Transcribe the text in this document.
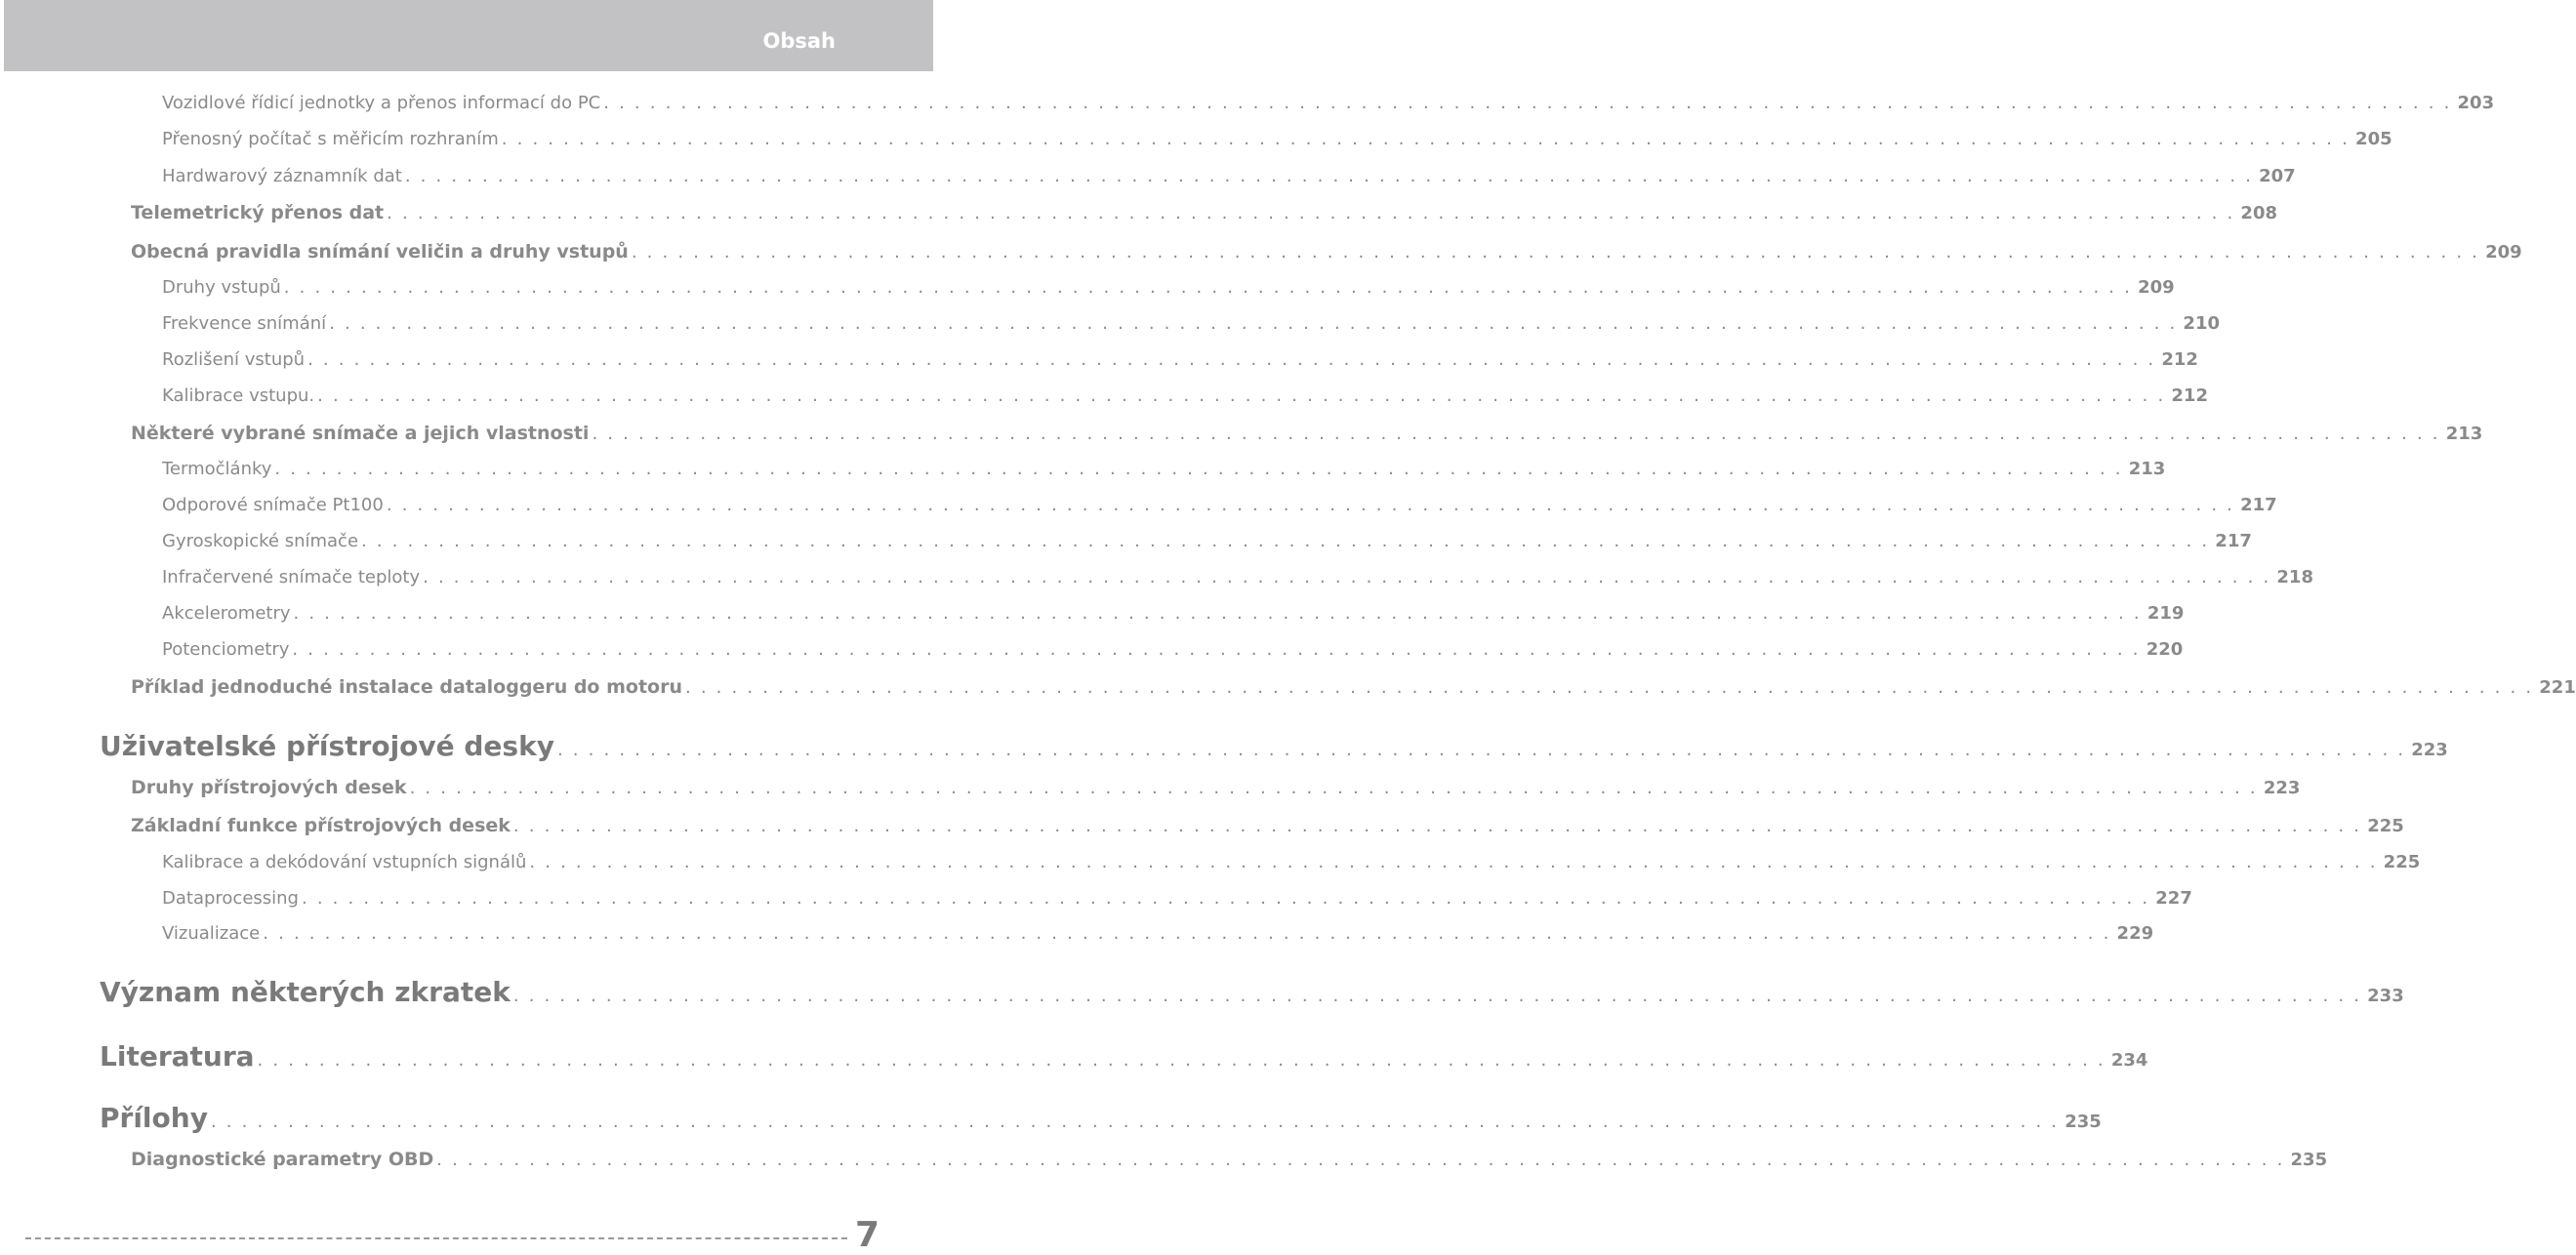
Obsah
Vozidlové řídicí jednotky a přenos informací do PC . . . . . . . . . . . . . . . . . . . . . . . . . . . . . . . . . . . . . . . . . . . . . . . . . . . . . . . . . . . . . . . . . . . . . . . . . . . . . . . . . . . . . . . . . . . . . . . . . . . . . . . . . . . . . . . . . . . . . . . . 203
Přenosný počítač s měřicím rozhraním . . . . . . . . . . . . . . . . . . . . . . . . . . . . . . . . . . . . . . . . . . . . . . . . . . . . . . . . . . . . . . . . . . . . . . . . . . . . . . . . . . . . . . . . . . . . . . . . . . . . . . . . . . . . . . . . . . . . . . . . 205
Hardwarový záznamník dat . . . . . . . . . . . . . . . . . . . . . . . . . . . . . . . . . . . . . . . . . . . . . . . . . . . . . . . . . . . . . . . . . . . . . . . . . . . . . . . . . . . . . . . . . . . . . . . . . . . . . . . . . . . . . . . . . . . . . . . . 207
Telemetrický přenos dat . . . . . . . . . . . . . . . . . . . . . . . . . . . . . . . . . . . . . . . . . . . . . . . . . . . . . . . . . . . . . . . . . . . . . . . . . . . . . . . . . . . . . . . . . . . . . . . . . . . . . . . . . . . . . . . . . . . . . . . . 208
Obecná pravidla snímání veličin a druhy vstupů . . . . . . . . . . . . . . . . . . . . . . . . . . . . . . . . . . . . . . . . . . . . . . . . . . . . . . . . . . . . . . . . . . . . . . . . . . . . . . . . . . . . . . . . . . . . . . . . . . . . . . . . . . . . . . . . . . . . . . . . 209
Druhy vstupů . . . . . . . . . . . . . . . . . . . . . . . . . . . . . . . . . . . . . . . . . . . . . . . . . . . . . . . . . . . . . . . . . . . . . . . . . . . . . . . . . . . . . . . . . . . . . . . . . . . . . . . . . . . . . . . . . . . . . . . . 209
Frekvence snímání . . . . . . . . . . . . . . . . . . . . . . . . . . . . . . . . . . . . . . . . . . . . . . . . . . . . . . . . . . . . . . . . . . . . . . . . . . . . . . . . . . . . . . . . . . . . . . . . . . . . . . . . . . . . . . . . . . . . . . . . 210
Rozlišení vstupů . . . . . . . . . . . . . . . . . . . . . . . . . . . . . . . . . . . . . . . . . . . . . . . . . . . . . . . . . . . . . . . . . . . . . . . . . . . . . . . . . . . . . . . . . . . . . . . . . . . . . . . . . . . . . . . . . . . . . . . . 212
Kalibrace vstupu. . . . . . . . . . . . . . . . . . . . . . . . . . . . . . . . . . . . . . . . . . . . . . . . . . . . . . . . . . . . . . . . . . . . . . . . . . . . . . . . . . . . . . . . . . . . . . . . . . . . . . . . . . . . . . . . . . . . . . . . . 212
Některé vybrané snímače a jejich vlastnosti . . . . . . . . . . . . . . . . . . . . . . . . . . . . . . . . . . . . . . . . . . . . . . . . . . . . . . . . . . . . . . . . . . . . . . . . . . . . . . . . . . . . . . . . . . . . . . . . . . . . . . . . . . . . . . . . . . . . . . . . 213
Termočlánky . . . . . . . . . . . . . . . . . . . . . . . . . . . . . . . . . . . . . . . . . . . . . . . . . . . . . . . . . . . . . . . . . . . . . . . . . . . . . . . . . . . . . . . . . . . . . . . . . . . . . . . . . . . . . . . . . . . . . . . . 213
Odporové snímače Pt100 . . . . . . . . . . . . . . . . . . . . . . . . . . . . . . . . . . . . . . . . . . . . . . . . . . . . . . . . . . . . . . . . . . . . . . . . . . . . . . . . . . . . . . . . . . . . . . . . . . . . . . . . . . . . . . . . . . . . . . . . 217
Gyroskopické snímače . . . . . . . . . . . . . . . . . . . . . . . . . . . . . . . . . . . . . . . . . . . . . . . . . . . . . . . . . . . . . . . . . . . . . . . . . . . . . . . . . . . . . . . . . . . . . . . . . . . . . . . . . . . . . . . . . . . . . . . . 217
Infračervené snímače teploty . . . . . . . . . . . . . . . . . . . . . . . . . . . . . . . . . . . . . . . . . . . . . . . . . . . . . . . . . . . . . . . . . . . . . . . . . . . . . . . . . . . . . . . . . . . . . . . . . . . . . . . . . . . . . . . . . . . . . . . . 218
Akcelerometry . . . . . . . . . . . . . . . . . . . . . . . . . . . . . . . . . . . . . . . . . . . . . . . . . . . . . . . . . . . . . . . . . . . . . . . . . . . . . . . . . . . . . . . . . . . . . . . . . . . . . . . . . . . . . . . . . . . . . . . . 219
Potenciometry . . . . . . . . . . . . . . . . . . . . . . . . . . . . . . . . . . . . . . . . . . . . . . . . . . . . . . . . . . . . . . . . . . . . . . . . . . . . . . . . . . . . . . . . . . . . . . . . . . . . . . . . . . . . . . . . . . . . . . . . 220
Příklad jednoduché instalace dataloggeru do motoru . . . . . . . . . . . . . . . . . . . . . . . . . . . . . . . . . . . . . . . . . . . . . . . . . . . . . . . . . . . . . . . . . . . . . . . . . . . . . . . . . . . . . . . . . . . . . . . . . . . . . . . . . . . . . . . . . . . . . . . . 221
Uživatelské přístrojové desky . . . . . . . . . . . . . . . . . . . . . . . . . . . . . . . . . . . . . . . . . . . . . . . . . . . . . . . . . . . . . . . . . . . . . . . . . . . . . . . . . . . . . . . . . . . . . . . . . . . . . . . . . . . . . . . . . . . . . . . . 223
Druhy přístrojových desek . . . . . . . . . . . . . . . . . . . . . . . . . . . . . . . . . . . . . . . . . . . . . . . . . . . . . . . . . . . . . . . . . . . . . . . . . . . . . . . . . . . . . . . . . . . . . . . . . . . . . . . . . . . . . . . . . . . . . . . . 223
Základní funkce přístrojových desek . . . . . . . . . . . . . . . . . . . . . . . . . . . . . . . . . . . . . . . . . . . . . . . . . . . . . . . . . . . . . . . . . . . . . . . . . . . . . . . . . . . . . . . . . . . . . . . . . . . . . . . . . . . . . . . . . . . . . . . . 225
Kalibrace a dekódování vstupních signálů . . . . . . . . . . . . . . . . . . . . . . . . . . . . . . . . . . . . . . . . . . . . . . . . . . . . . . . . . . . . . . . . . . . . . . . . . . . . . . . . . . . . . . . . . . . . . . . . . . . . . . . . . . . . . . . . . . . . . . . . 225
Dataprocessing . . . . . . . . . . . . . . . . . . . . . . . . . . . . . . . . . . . . . . . . . . . . . . . . . . . . . . . . . . . . . . . . . . . . . . . . . . . . . . . . . . . . . . . . . . . . . . . . . . . . . . . . . . . . . . . . . . . . . . . . 227
Vizualizace . . . . . . . . . . . . . . . . . . . . . . . . . . . . . . . . . . . . . . . . . . . . . . . . . . . . . . . . . . . . . . . . . . . . . . . . . . . . . . . . . . . . . . . . . . . . . . . . . . . . . . . . . . . . . . . . . . . . . . . . 229
Význam některých zkratek . . . . . . . . . . . . . . . . . . . . . . . . . . . . . . . . . . . . . . . . . . . . . . . . . . . . . . . . . . . . . . . . . . . . . . . . . . . . . . . . . . . . . . . . . . . . . . . . . . . . . . . . . . . . . . . . . . . . . . . . 233
Literatura . . . . . . . . . . . . . . . . . . . . . . . . . . . . . . . . . . . . . . . . . . . . . . . . . . . . . . . . . . . . . . . . . . . . . . . . . . . . . . . . . . . . . . . . . . . . . . . . . . . . . . . . . . . . . . . . . . . . . . . . 234
Přílohy . . . . . . . . . . . . . . . . . . . . . . . . . . . . . . . . . . . . . . . . . . . . . . . . . . . . . . . . . . . . . . . . . . . . . . . . . . . . . . . . . . . . . . . . . . . . . . . . . . . . . . . . . . . . . . . . . . . . . . . . 235
Diagnostické parametry OBD . . . . . . . . . . . . . . . . . . . . . . . . . . . . . . . . . . . . . . . . . . . . . . . . . . . . . . . . . . . . . . . . . . . . . . . . . . . . . . . . . . . . . . . . . . . . . . . . . . . . . . . . . . . . . . . . . . . . . . . . 235
7
